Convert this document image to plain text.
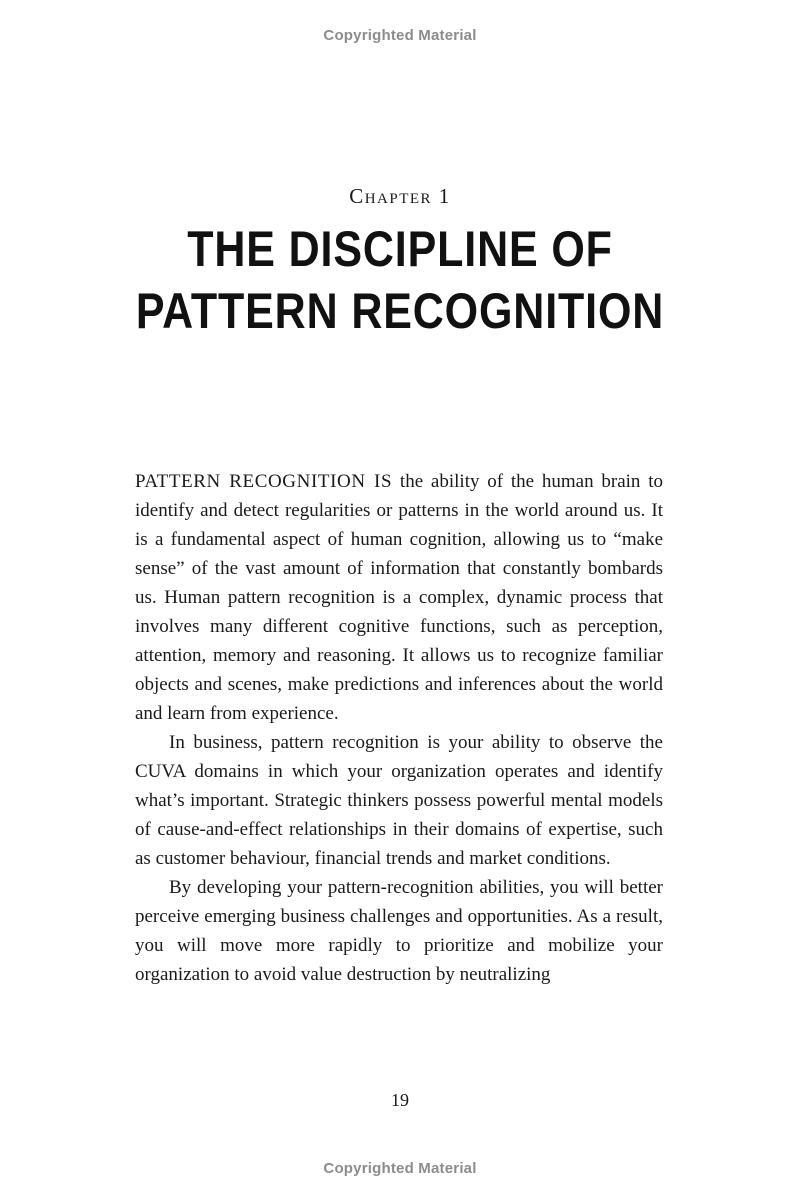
Copyrighted Material
Chapter 1
THE DISCIPLINE OF
PATTERN RECOGNITION

PATTERN RECOGNITION IS the ability of the human brain to identify and detect regularities or patterns in the world around us. It is a fundamental aspect of human cognition, allowing us to “make sense” of the vast amount of information that constantly bombards us. Human pattern recognition is a complex, dynamic process that involves many different cognitive functions, such as perception, attention, memory and reasoning. It allows us to recognize familiar objects and scenes, make predictions and inferences about the world and learn from experience.

In business, pattern recognition is your ability to observe the CUVA domains in which your organization operates and identify what’s important. Strategic thinkers possess powerful mental models of cause-and-effect relationships in their domains of expertise, such as customer behaviour, financial trends and market conditions.

By developing your pattern-recognition abilities, you will better perceive emerging business challenges and opportunities. As a result, you will move more rapidly to prioritize and mobilize your organization to avoid value destruction by neutralizing

19
Copyrighted Material
